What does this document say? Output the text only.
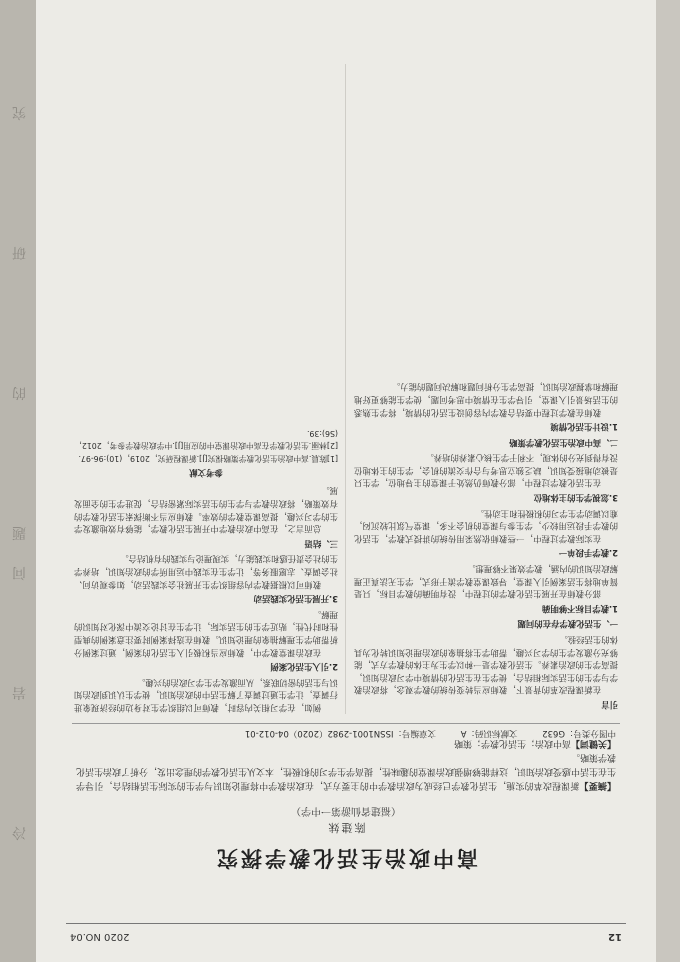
冷
岩
问
题
的
研
究
12
2020 NO.04
高中政治生活化教学探究
陈建妹
（福建省仙游第一中学）
【摘要】新课程改革的实施，生活化教学已经成为政治教学中的主要方式，在政治教学中将理论知识与学生的实际生活相结合，引导学生在生活中感受政治知识，这样能够增强政治课堂的趣味性，提高学生学习的积极性，本文从生活化教学的理念出发，分析了政治生活化教学策略。
【关键词】高中政治；生活化教学；策略
中图分类号：G632 文献标识码：A 文章编号：ISSN1001-2982（2020）04-012-01

引言

在新课程改革的背景下，教师应当转变传统的教学观念，将政治教学与学生的生活实际相结合，使学生在生活化的情境中学习政治知识，提高学生的政治素养。生活化教学是一种以学生为主体的教学方式，能够充分激发学生的学习兴趣，帮助学生将抽象的政治理论知识转化为具体的生活经验。

一、生活化教学存在的问题

1.教学目标不够明确

部分教师在开展生活化教学的过程中，没有明确的教学目标，只是简单地将生活案例引入课堂，导致课堂教学流于形式，学生无法真正理解政治知识的内涵，教学效果不够理想。

2.教学手段单一

在实际教学过程中，一些教师依然采用传统的讲授式教学，生活化的教学手段运用较少，学生参与课堂的机会不多，课堂气氛比较沉闷，难以调动学生学习的积极性和主动性。

3.忽视学生的主体地位

在生活化教学过程中，部分教师仍然处于课堂的主导地位，学生只是被动地接受知识，缺乏独立思考与合作交流的机会，学生的主体地位没有得到充分的体现，不利于学生核心素养的培养。

二、高中政治生活化教学策略

1.设计生活化情境

教师在教学过程中要结合教学内容创设生活化的情境，将学生熟悉的生活场景引入课堂，引导学生在情境中思考问题，使学生能够更好地理解和掌握政治知识，提高学生分析问题和解决问题的能力。

例如，在学习相关内容时，教师可以组织学生对身边的经济现象进行调查，让学生通过调查了解生活中的政治知识，使学生认识到政治知识与生活的密切联系，从而激发学生学习政治的兴趣。

2.引入生活化案例

在政治课堂教学中，教师应当积极引入生活化的案例，通过案例分析帮助学生理解抽象的理论知识。教师在选择案例时要注意案例的典型性和时代性，贴近学生的生活实际，让学生在讨论交流中深化对知识的理解。

3.开展生活化实践活动

教师可以根据教学内容组织学生开展社会实践活动，如参观访问、社会调查、志愿服务等，让学生在实践中运用所学的政治知识，培养学生的社会责任感和实践能力，实现理论与实践的有机结合。

三、结语

总而言之，在高中政治教学中开展生活化教学，能够有效地激发学生的学习兴趣，提高课堂教学的效率。教师应当不断探索生活化教学的有效策略，将政治教学与学生的生活实际紧密结合，促进学生的全面发展。

参考文献

[1]陈晨.高中政治生活化教学策略探究[J].新课程研究，2019，(10):96-97.

[2]林丽.生活化教学在高中政治课堂中的应用[J].中学政治教学参考，2012，(S6):39.
